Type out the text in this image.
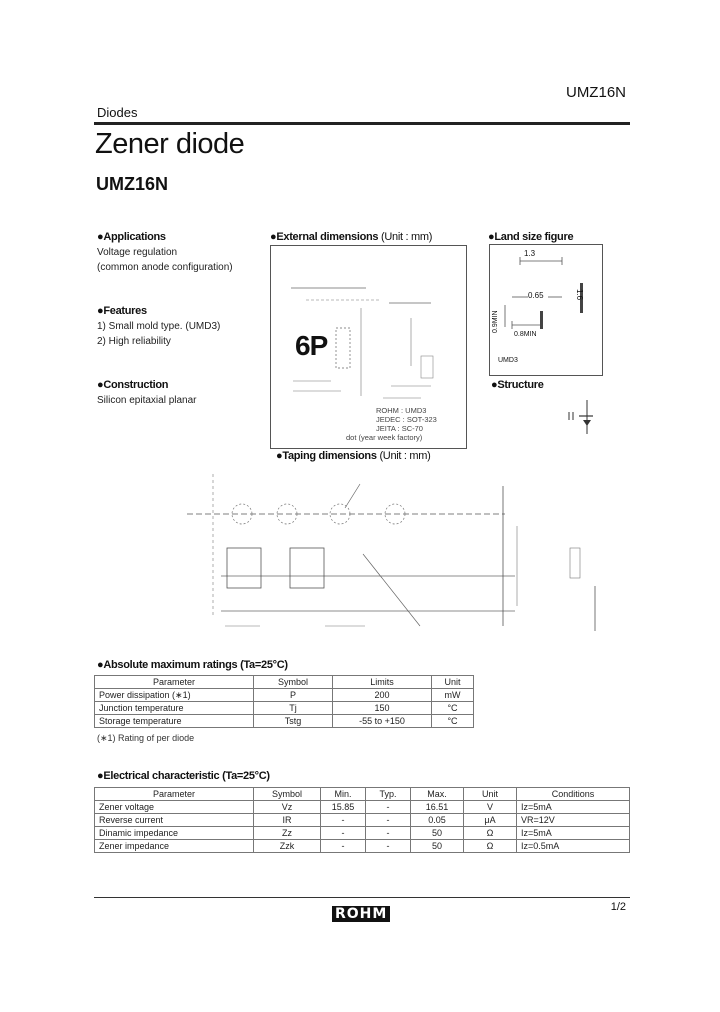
UMZ16N
Diodes
Zener diode
UMZ16N
●Applications
Voltage regulation
(common anode configuration)
●Features
1) Small mold type. (UMD3)
2) High reliability
●Construction
Silicon epitaxial planar
●External dimensions (Unit : mm)
6P
ROHM : UMD3
JEDEC : SOT-323
JEITA : SC-70
dot (year week factory)
●Land size figure
1.3
0.65	1.6
0.9MIN
0.8MIN
UMD3
●Structure
●Taping dimensions (Unit : mm)
●Absolute maximum ratings (Ta=25°C)
Parameter	Symbol	Limits	Unit
Power dissipation (∗1)	P	200	mW
Junction temperature	Tj	150	°C
Storage temperature	Tstg	-55 to +150	°C
(∗1) Rating of per diode
●Electrical characteristic (Ta=25°C)
Parameter	Symbol	Min.	Typ.	Max.	Unit	Conditions
Zener voltage	Vz	15.85	-	16.51	V	Iz=5mA
Reverse current	IR	-	-	0.05	μA	VR=12V
Dinamic impedance	Zz	-	-	50	Ω	Iz=5mA
Zener impedance	Zzk	-	-	50	Ω	Iz=0.5mA
1/2
ROHM
